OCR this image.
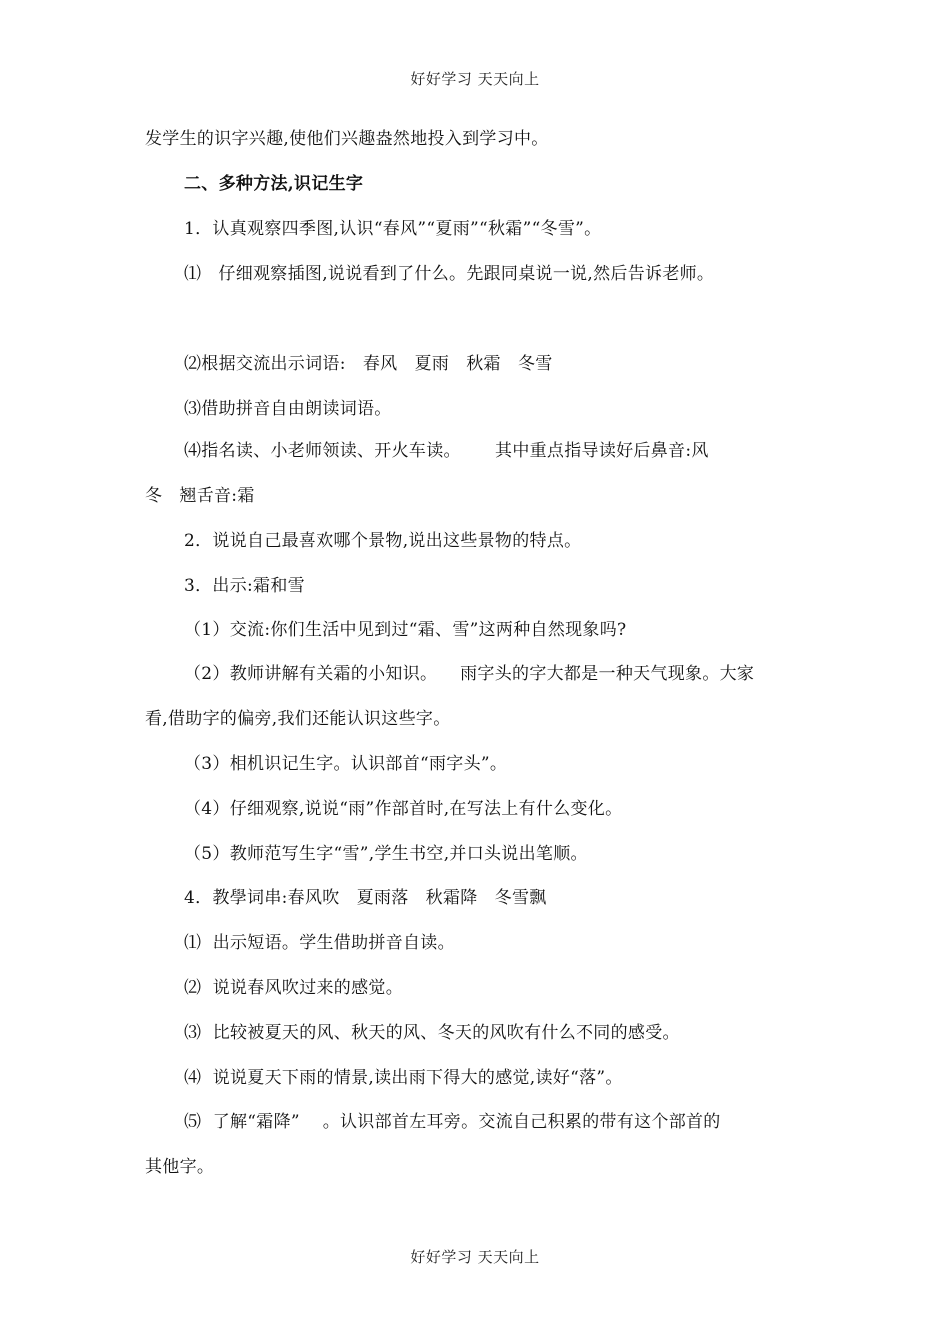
好好学习 天天向上
发学生的识字兴趣,使他们兴趣盎然地投入到学习中。
二、多种方法,识记生字
1．认真观察四季图,认识“春风”“夏雨”“秋霜”“冬雪”。
⑴   仔细观察插图,说说看到了什么。先跟同桌说一说,然后告诉老师。
⑵根据交流出示词语:   春风   夏雨   秋霜   冬雪
⑶借助拼音自由朗读词语。
⑷指名读、小老师领读、开火车读。      其中重点指导读好后鼻音:风
冬   翘舌音:霜
2．说说自己最喜欢哪个景物,说出这些景物的特点。
3．出示:霜和雪
（1）交流:你们生活中见到过“霜、雪”这两种自然现象吗?
（2）教师讲解有关霜的小知识。    雨字头的字大都是一种天气现象。大家
看,借助字的偏旁,我们还能认识这些字。
（3）相机识记生字。认识部首“雨字头”。
（4）仔细观察,说说“雨”作部首时,在写法上有什么变化。
（5）教师范写生字“雪”,学生书空,并口头说出笔顺。
4．教學词串:春风吹   夏雨落   秋霜降   冬雪飘
⑴  出示短语。学生借助拼音自读。
⑵  说说春风吹过来的感觉。
⑶  比较被夏天的风、秋天的风、冬天的风吹有什么不同的感受。
⑷  说说夏天下雨的情景,读出雨下得大的感觉,读好“落”。
⑸  了解“霜降”    。认识部首左耳旁。交流自己积累的带有这个部首的
其他字。
好好学习 天天向上
